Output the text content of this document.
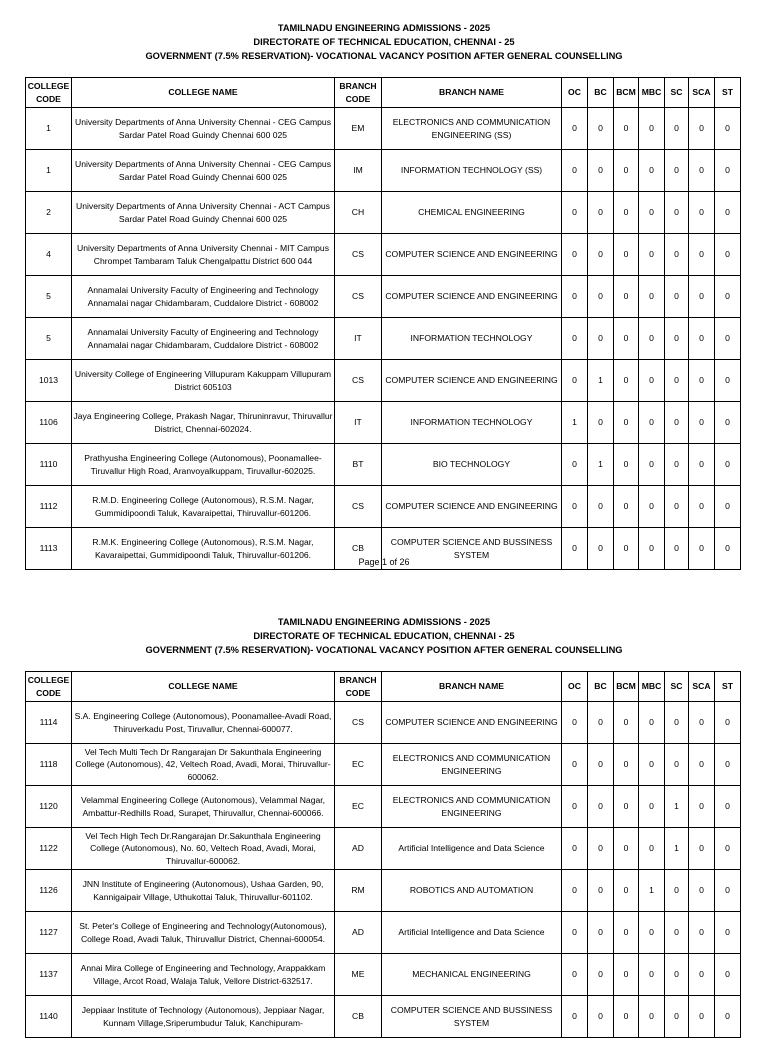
TAMILNADU ENGINEERING ADMISSIONS - 2025
DIRECTORATE OF TECHNICAL EDUCATION, CHENNAI - 25
GOVERNMENT (7.5% RESERVATION)- VOCATIONAL VACANCY POSITION AFTER GENERAL COUNSELLING
COLLEGE CODE	COLLEGE NAME	BRANCH CODE	BRANCH NAME	OC	BC	BCM	MBC	SC	SCA	ST
1	University Departments of Anna University Chennai - CEG Campus Sardar Patel Road Guindy Chennai 600 025	EM	ELECTRONICS AND COMMUNICATION ENGINEERING (SS)	0	0	0	0	0	0	0
1	University Departments of Anna University Chennai - CEG Campus Sardar Patel Road Guindy Chennai 600 025	IM	INFORMATION TECHNOLOGY (SS)	0	0	0	0	0	0	0
2	University Departments of Anna University Chennai - ACT Campus Sardar Patel Road Guindy Chennai 600 025	CH	CHEMICAL ENGINEERING	0	0	0	0	0	0	0
4	University Departments of Anna University Chennai - MIT Campus Chrompet Tambaram Taluk Chengalpattu District 600 044	CS	COMPUTER SCIENCE AND ENGINEERING	0	0	0	0	0	0	0
5	Annamalai University Faculty of Engineering and Technology Annamalai nagar Chidambaram, Cuddalore District - 608002	CS	COMPUTER SCIENCE AND ENGINEERING	0	0	0	0	0	0	0
5	Annamalai University Faculty of Engineering and Technology Annamalai nagar Chidambaram, Cuddalore District - 608002	IT	INFORMATION TECHNOLOGY	0	0	0	0	0	0	0
1013	University College of Engineering Villupuram Kakuppam Villupuram District 605103	CS	COMPUTER SCIENCE AND ENGINEERING	0	1	0	0	0	0	0
1106	Jaya Engineering College, Prakash Nagar, Thiruninravur, Thiruvallur District, Chennai-602024.	IT	INFORMATION TECHNOLOGY	1	0	0	0	0	0	0
1110	Prathyusha Engineering College (Autonomous), Poonamallee-Tiruvallur High Road, Aranvoyalkuppam, Tiruvallur-602025.	BT	BIO TECHNOLOGY	0	1	0	0	0	0	0
1112	R.M.D. Engineering College (Autonomous), R.S.M. Nagar, Gummidipoondi Taluk, Kavaraipettai, Thiruvallur-601206.	CS	COMPUTER SCIENCE AND ENGINEERING	0	0	0	0	0	0	0
1113	R.M.K. Engineering College (Autonomous), R.S.M. Nagar, Kavaraipettai, Gummidipoondi Taluk, Thiruvallur-601206.	CB	COMPUTER SCIENCE AND BUSSINESS SYSTEM	0	0	0	0	0	0	0
Page 1 of 26
TAMILNADU ENGINEERING ADMISSIONS - 2025
DIRECTORATE OF TECHNICAL EDUCATION, CHENNAI - 25
GOVERNMENT (7.5% RESERVATION)- VOCATIONAL VACANCY POSITION AFTER GENERAL COUNSELLING
COLLEGE CODE	COLLEGE NAME	BRANCH CODE	BRANCH NAME	OC	BC	BCM	MBC	SC	SCA	ST
1114	S.A. Engineering College (Autonomous), Poonamallee-Avadi Road, Thiruverkadu Post, Tiruvallur, Chennai-600077.	CS	COMPUTER SCIENCE AND ENGINEERING	0	0	0	0	0	0	0
1118	Vel Tech Multi Tech Dr Rangarajan Dr Sakunthala Engineering College (Autonomous), 42, Veltech Road, Avadi, Morai, Thiruvallur-600062.	EC	ELECTRONICS AND COMMUNICATION ENGINEERING	0	0	0	0	0	0	0
1120	Velammal Engineering College (Autonomous), Velammal Nagar, Ambattur-Redhills Road, Surapet, Thiruvallur, Chennai-600066.	EC	ELECTRONICS AND COMMUNICATION ENGINEERING	0	0	0	0	1	0	0
1122	Vel Tech High Tech Dr.Rangarajan Dr.Sakunthala Engineering College (Autonomous), No. 60, Veltech Road, Avadi, Morai, Thiruvallur-600062.	AD	Artificial Intelligence and Data Science	0	0	0	0	1	0	0
1126	JNN Institute of Engineering (Autonomous), Ushaa Garden, 90, Kannigaipair Village, Uthukottai Taluk, Thiruvallur-601102.	RM	ROBOTICS AND AUTOMATION	0	0	0	1	0	0	0
1127	St. Peter's College of Engineering and Technology(Autonomous), College Road, Avadi Taluk, Thiruvallur District, Chennai-600054.	AD	Artificial Intelligence and Data Science	0	0	0	0	0	0	0
1137	Annai Mira College of Engineering and Technology, Arappakkam Village, Arcot Road, Walaja Taluk, Vellore District-632517.	ME	MECHANICAL ENGINEERING	0	0	0	0	0	0	0
1140	Jeppiaar Institute of Technology (Autonomous), Jeppiaar Nagar, Kunnam Village,Sriperumbudur Taluk, Kanchipuram-	CB	COMPUTER SCIENCE AND BUSSINESS SYSTEM	0	0	0	0	0	0	0
